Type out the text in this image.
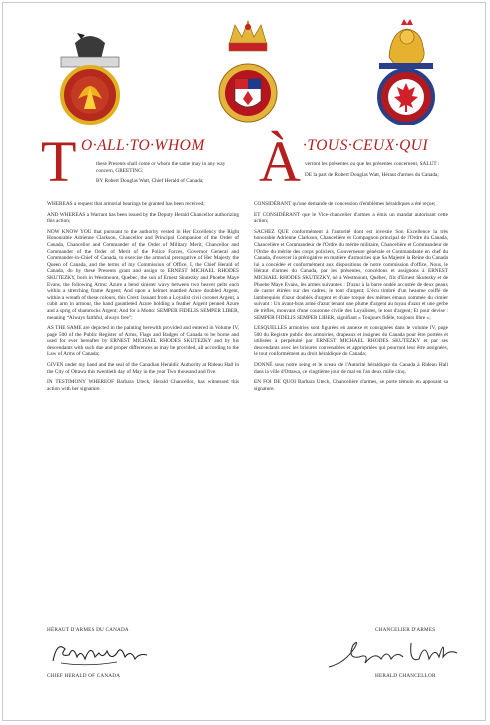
T O·ALL·TO·WHOM À ·TOUS·CEUX·QUI
these Presents shall come or whom the same may in any way concern, GREETING:
BY Robert Douglas Watt, Chief Herald of Canada;
verront les présentes ou que les présentes concernent, SALUT :
DE la part de Robert Douglas Watt, Héraut d'armes du Canada;

WHEREAS a request that armorial bearings be granted has been received;

AND WHEREAS a Warrant has been issued by the Deputy Herald Chancellor authorizing this action;

NOW KNOW YOU that pursuant to the authority vested in Her Excellency the Right Honourable Adrienne Clarkson, Chancellor and Principal Companion of the Order of Canada, Chancellor and Commander of the Order of Military Merit, Chancellor and Commander of the Order of Merit of the Police Forces, Governor General and Commander-in-Chief of Canada, to exercise the armorial prerogative of Her Majesty the Queen of Canada, and the terms of my Commission of Office, I, the Chief Herald of Canada, do by these Presents grant and assign to ERNEST MICHAEL RHODES SKUTEZKY, born in Westmount, Quebec, the son of Ernest Skutezky and Phoebe Maye Evans, the following Arms: Azure a bend sinister wavy between two beaver pelts each within a stretching frame Argent; And upon a helmet mantled Azure doubled Argent, within a wreath of these colours, this Crest: Issuant from a Loyalist civil coronet Argent, a cubit arm in armour, the hand gauntleted Azure holding a feather Argent penned Azure and a sprig of shamrocks Argent; And for a Motto: SEMPER FIDELIS SEMPER LIBER, meaning “Always faithful, always free”;

AS THE SAME are depicted in the painting herewith provided and entered in Volume IV, page 500 of the Public Register of Arms, Flags and Badges of Canada to be borne and used for ever hereafter by ERNEST MICHAEL RHODES SKUTEZKY and by his descendants with such due and proper differences as may be provided, all according to the Law of Arms of Canada;

GIVEN under my hand and the seal of the Canadian Heraldic Authority at Rideau Hall in the City of Ottawa this twentieth day of May in the year Two thousand and five.

IN TESTIMONY WHEREOF Barbara Uteck, Herald Chancellor, has witnessed this action with her signature.

CONSIDÉRANT qu'une demande de concession d'emblèmes héraldiques a été reçue;

ET CONSIDÉRANT que le Vice-chancelier d'armes a émis un mandat autorisant cette action;

SACHEZ QUE conformément à l'autorité dont est investie Son Excellence la très honorable Adrienne Clarkson, Chancelière et Compagnon principal de l'Ordre du Canada, Chancelière et Commandeur de l'Ordre du mérite militaire, Chancelière et Commandeur de l'Ordre du mérite des corps policiers, Gouverneure générale et Commandante en chef du Canada, d'exercer la prérogative en matière d'armoiries que Sa Majesté la Reine du Canada lui a concédée et conformément aux dispositions de notre commission d'office, Nous, le Héraut d'armes du Canada, par les présentes, concédons et assignons à ERNEST MICHAEL RHODES SKUTEZKY, né à Westmount, Québec, fils d'Ernest Skutezky et de Phoebe Maye Evans, les armes suivantes : D'azur à la barre ondée accostée de deux peaux de castor étirées sur des cadres, le tout d'argent; L'écu timbré d'un heaume coiffé de lambrequins d'azur doublés d'argent et d'une torque des mêmes émaux sommée du cimier suivant : Un avant-bras armé d'azur tenant une plume d'argent au tuyau d'azur et une gerbe de trèfles, mouvant d'une couronne civile des Loyalistes, le tout d'argent; Et pour devise : SEMPER FIDELIS SEMPER LIBER, signifiant « Toujours fidèle, toujours libre »;

LESQUELLES armoiries sont figurées en annexe et consignées dans le volume IV, page 500 du Registre public des armoiries, drapeaux et insignes du Canada pour être portées et utilisées à perpétuité par ERNEST MICHAEL RHODES SKUTEZKY et par ses descendants avec les brisures convenables et appropriées qui pourront leur être assignées, le tout conformément au droit héraldique du Canada;

DONNÉ sous notre seing et le sceau de l'Autorité héraldique du Canada à Rideau Hall dans la ville d'Ottawa, ce vingtième jour de mai en l'an deux mille cinq.

EN FOI DE QUOI Barbara Uteck, Chancelière d'armes, se porte témoin en apposant sa signature.

HÉRAUT D'ARMES DU CANADA
CHIEF HERALD OF CANADA
CHANCELIER D'ARMES
HERALD CHANCELLOR
